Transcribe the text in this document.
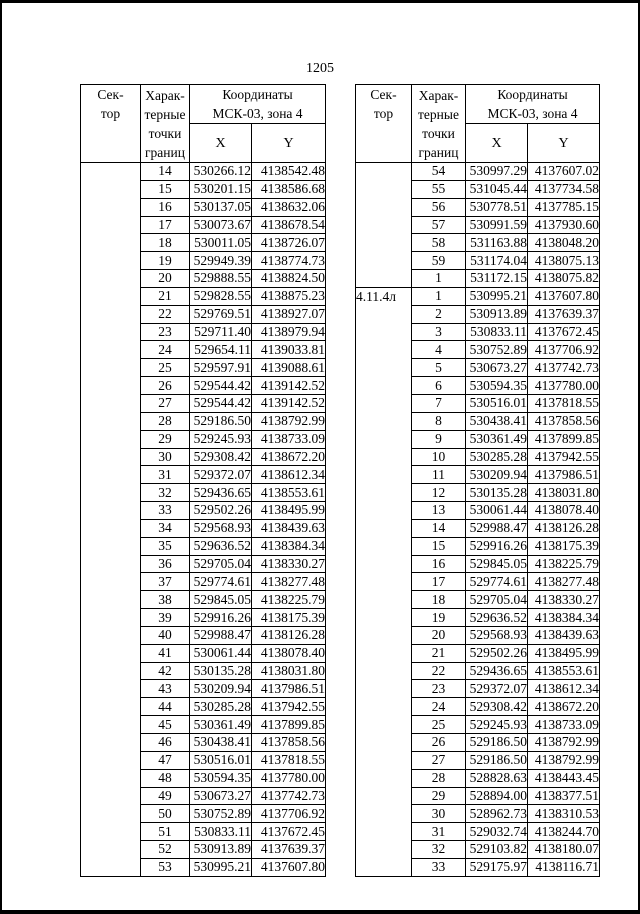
1205
Сек-
тор	Харак-
терные
точки
границ	Координаты
МСК-03, зона 4	
		X	Y
	14	530266.12	4138542.48
	15	530201.15	4138586.68
	16	530137.05	4138632.06
	17	530073.67	4138678.54
	18	530011.05	4138726.07
	19	529949.39	4138774.73
	20	529888.55	4138824.50
	21	529828.55	4138875.23
	22	529769.51	4138927.07
	23	529711.40	4138979.94
	24	529654.11	4139033.81
	25	529597.91	4139088.61
	26	529544.42	4139142.52
	27	529544.42	4139142.52
	28	529186.50	4138792.99
	29	529245.93	4138733.09
	30	529308.42	4138672.20
	31	529372.07	4138612.34
	32	529436.65	4138553.61
	33	529502.26	4138495.99
	34	529568.93	4138439.63
	35	529636.52	4138384.34
	36	529705.04	4138330.27
	37	529774.61	4138277.48
	38	529845.05	4138225.79
	39	529916.26	4138175.39
	40	529988.47	4138126.28
	41	530061.44	4138078.40
	42	530135.28	4138031.80
	43	530209.94	4137986.51
	44	530285.28	4137942.55
	45	530361.49	4137899.85
	46	530438.41	4137858.56
	47	530516.01	4137818.55
	48	530594.35	4137780.00
	49	530673.27	4137742.73
	50	530752.89	4137706.92
	51	530833.11	4137672.45
	52	530913.89	4137639.37
	53	530995.21	4137607.80
Сек-
тор	Харак-
терные
точки
границ	Координаты
МСК-03, зона 4	
		X	Y
	54	530997.29	4137607.02
	55	531045.44	4137734.58
	56	530778.51	4137785.15
	57	530991.59	4137930.60
	58	531163.88	4138048.20
	59	531174.04	4138075.13
	1	531172.15	4138075.82
4.11.4л	1	530995.21	4137607.80
	2	530913.89	4137639.37
	3	530833.11	4137672.45
	4	530752.89	4137706.92
	5	530673.27	4137742.73
	6	530594.35	4137780.00
	7	530516.01	4137818.55
	8	530438.41	4137858.56
	9	530361.49	4137899.85
	10	530285.28	4137942.55
	11	530209.94	4137986.51
	12	530135.28	4138031.80
	13	530061.44	4138078.40
	14	529988.47	4138126.28
	15	529916.26	4138175.39
	16	529845.05	4138225.79
	17	529774.61	4138277.48
	18	529705.04	4138330.27
	19	529636.52	4138384.34
	20	529568.93	4138439.63
	21	529502.26	4138495.99
	22	529436.65	4138553.61
	23	529372.07	4138612.34
	24	529308.42	4138672.20
	25	529245.93	4138733.09
	26	529186.50	4138792.99
	27	529186.50	4138792.99
	28	528828.63	4138443.45
	29	528894.00	4138377.51
	30	528962.73	4138310.53
	31	529032.74	4138244.70
	32	529103.82	4138180.07
	33	529175.97	4138116.71
